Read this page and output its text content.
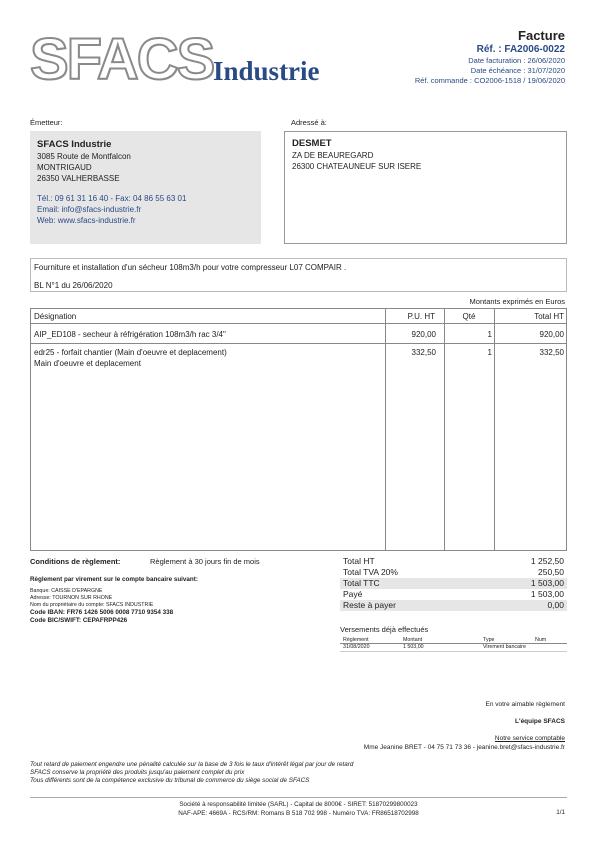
SFACS Industrie
Facture
Réf. : FA2006-0022
Date facturation : 26/06/2020
Date échéance : 31/07/2020
Réf. commande : CO2006-1518 / 19/06/2020
Émetteur:	Adressé à:
SFACS Industrie
3085 Route de Montfalcon
MONTRIGAUD
26350 VALHERBASSE
Tél.: 09 61 31 16 40 - Fax: 04 86 55 63 01
Email: info@sfacs-industrie.fr
Web: www.sfacs-industrie.fr
DESMET
ZA DE BEAUREGARD
26300 CHATEAUNEUF SUR ISERE
Fourniture et installation d'un sécheur 108m3/h pour votre compresseur L07 COMPAIR .
BL N°1 du 26/06/2020
Montants exprimés en Euros
Désignation	P.U. HT	Qté	Total HT
AIP_ED108 - secheur à réfrigération 108m3/h rac 3/4"	920,00	1	920,00
edr25 - forfait chantier (Main d'oeuvre et deplacement)
Main d'oeuvre et deplacement
332,50	1	332,50
Conditions de règlement:	Règlement à 30 jours fin de mois
Règlement par virement sur le compte bancaire suivant:
Banque: CAISSE D'EPARGNE
Adresse: TOURNON SUR RHONE
Nom du propriétaire du compte: SFACS INDUSTRIE
Code IBAN: FR76 1426 5006 0008 7710 9354 338
Code BIC/SWIFT: CEPAFRPP426
Total HT	1 252,50
Total TVA 20%	250,50
Total TTC	1 503,00
Payé	1 503,00
Reste à payer	0,00
Versements déjà effectués
Règlement	Montant	Type	Num
31/08/2020	1 503,00	Virement bancaire
En votre aimable règlement
L'équipe SFACS
Notre service comptable
Mme Jeanine BRET - 04 75 71 73 36 - jeanine.bret@sfacs-industrie.fr
Tout retard de paiement engendre une pénalité calculée sur la base de 3 fois le taux d'intérêt légal par jour de retard
SFACS conserve la propriété des produits jusqu'au paiement complet du prix
Tous différents sont de la compétence exclusive du tribunal de commerce du siège social de SFACS
Société à responsabilité limitée (SARL) - Capital de 8000€ - SIRET: 51870299800023
NAF-APE: 4669A - RCS/RM: Romans B 518 702 998 - Numéro TVA: FR86518702998	1/1
